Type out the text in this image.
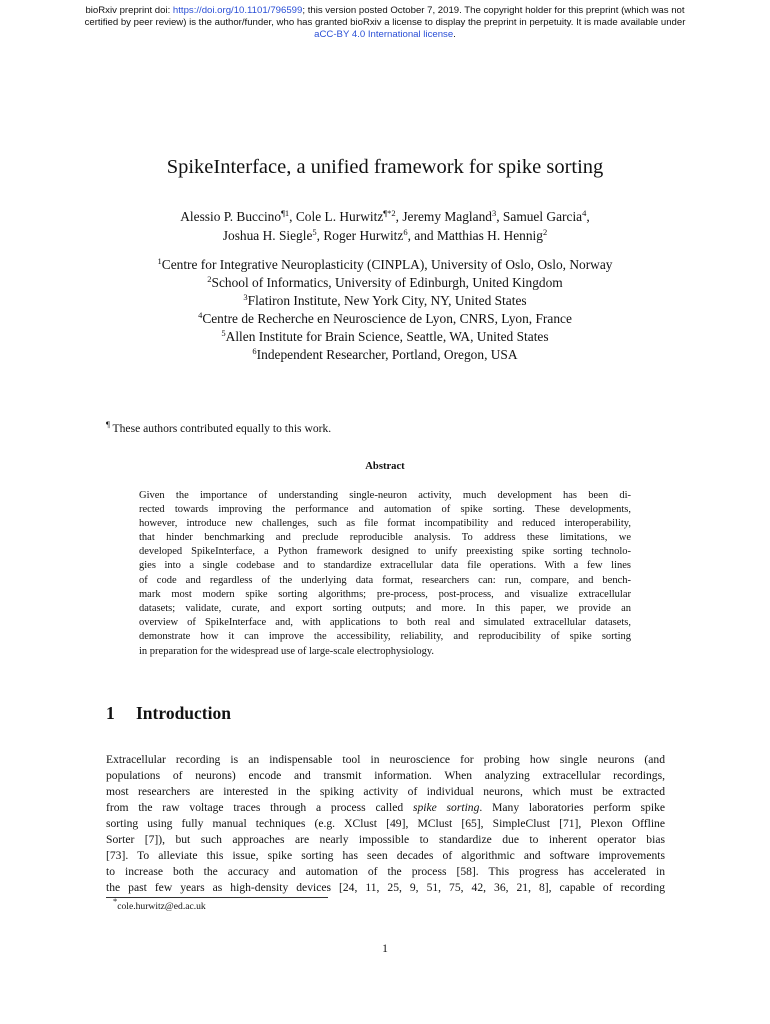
bioRxiv preprint doi: https://doi.org/10.1101/796599; this version posted October 7, 2019. The copyright holder for this preprint (which was not
certified by peer review) is the author/funder, who has granted bioRxiv a license to display the preprint in perpetuity. It is made available under
aCC-BY 4.0 International license.
SpikeInterface, a unified framework for spike sorting
Alessio P. Buccino$^{\P 1}$, Cole L. Hurwitz$^{\P*2}$, Jeremy Magland$^3$, Samuel Garcia$^4$,
Joshua H. Siegle$^5$, Roger Hurwitz$^6$, and Matthias H. Hennig$^2$
$^1$Centre for Integrative Neuroplasticity (CINPLA), University of Oslo, Oslo, Norway
$^2$School of Informatics, University of Edinburgh, United Kingdom
$^3$Flatiron Institute, New York City, NY, United States
$^4$Centre de Recherche en Neuroscience de Lyon, CNRS, Lyon, France
$^5$Allen Institute for Brain Science, Seattle, WA, United States
$^6$Independent Researcher, Portland, Oregon, USA
¶ These authors contributed equally to this work.
Abstract
Given the importance of understanding single-neuron activity, much development has been di-
rected towards improving the performance and automation of spike sorting. These developments,
however, introduce new challenges, such as file format incompatibility and reduced interoperability,
that hinder benchmarking and preclude reproducible analysis. To address these limitations, we
developed SpikeInterface, a Python framework designed to unify preexisting spike sorting technolo-
gies into a single codebase and to standardize extracellular data file operations. With a few lines
of code and regardless of the underlying data format, researchers can: run, compare, and bench-
mark most modern spike sorting algorithms; pre-process, post-process, and visualize extracellular
datasets; validate, curate, and export sorting outputs; and more. In this paper, we provide an
overview of SpikeInterface and, with applications to both real and simulated extracellular datasets,
demonstrate how it can improve the accessibility, reliability, and reproducibility of spike sorting
in preparation for the widespread use of large-scale electrophysiology.
1 Introduction
Extracellular recording is an indispensable tool in neuroscience for probing how single neurons (and
populations of neurons) encode and transmit information. When analyzing extracellular recordings,
most researchers are interested in the spiking activity of individual neurons, which must be extracted
from the raw voltage traces through a process called spike sorting. Many laboratories perform spike
sorting using fully manual techniques (e.g. XClust [49], MClust [65], SimpleClust [71], Plexon Offline
Sorter [7]), but such approaches are nearly impossible to standardize due to inherent operator bias
[73]. To alleviate this issue, spike sorting has seen decades of algorithmic and software improvements
to increase both the accuracy and automation of the process [58]. This progress has accelerated in
the past few years as high-density devices [24, 11, 25, 9, 51, 75, 42, 36, 21, 8], capable of recording
*cole.hurwitz@ed.ac.uk
1
